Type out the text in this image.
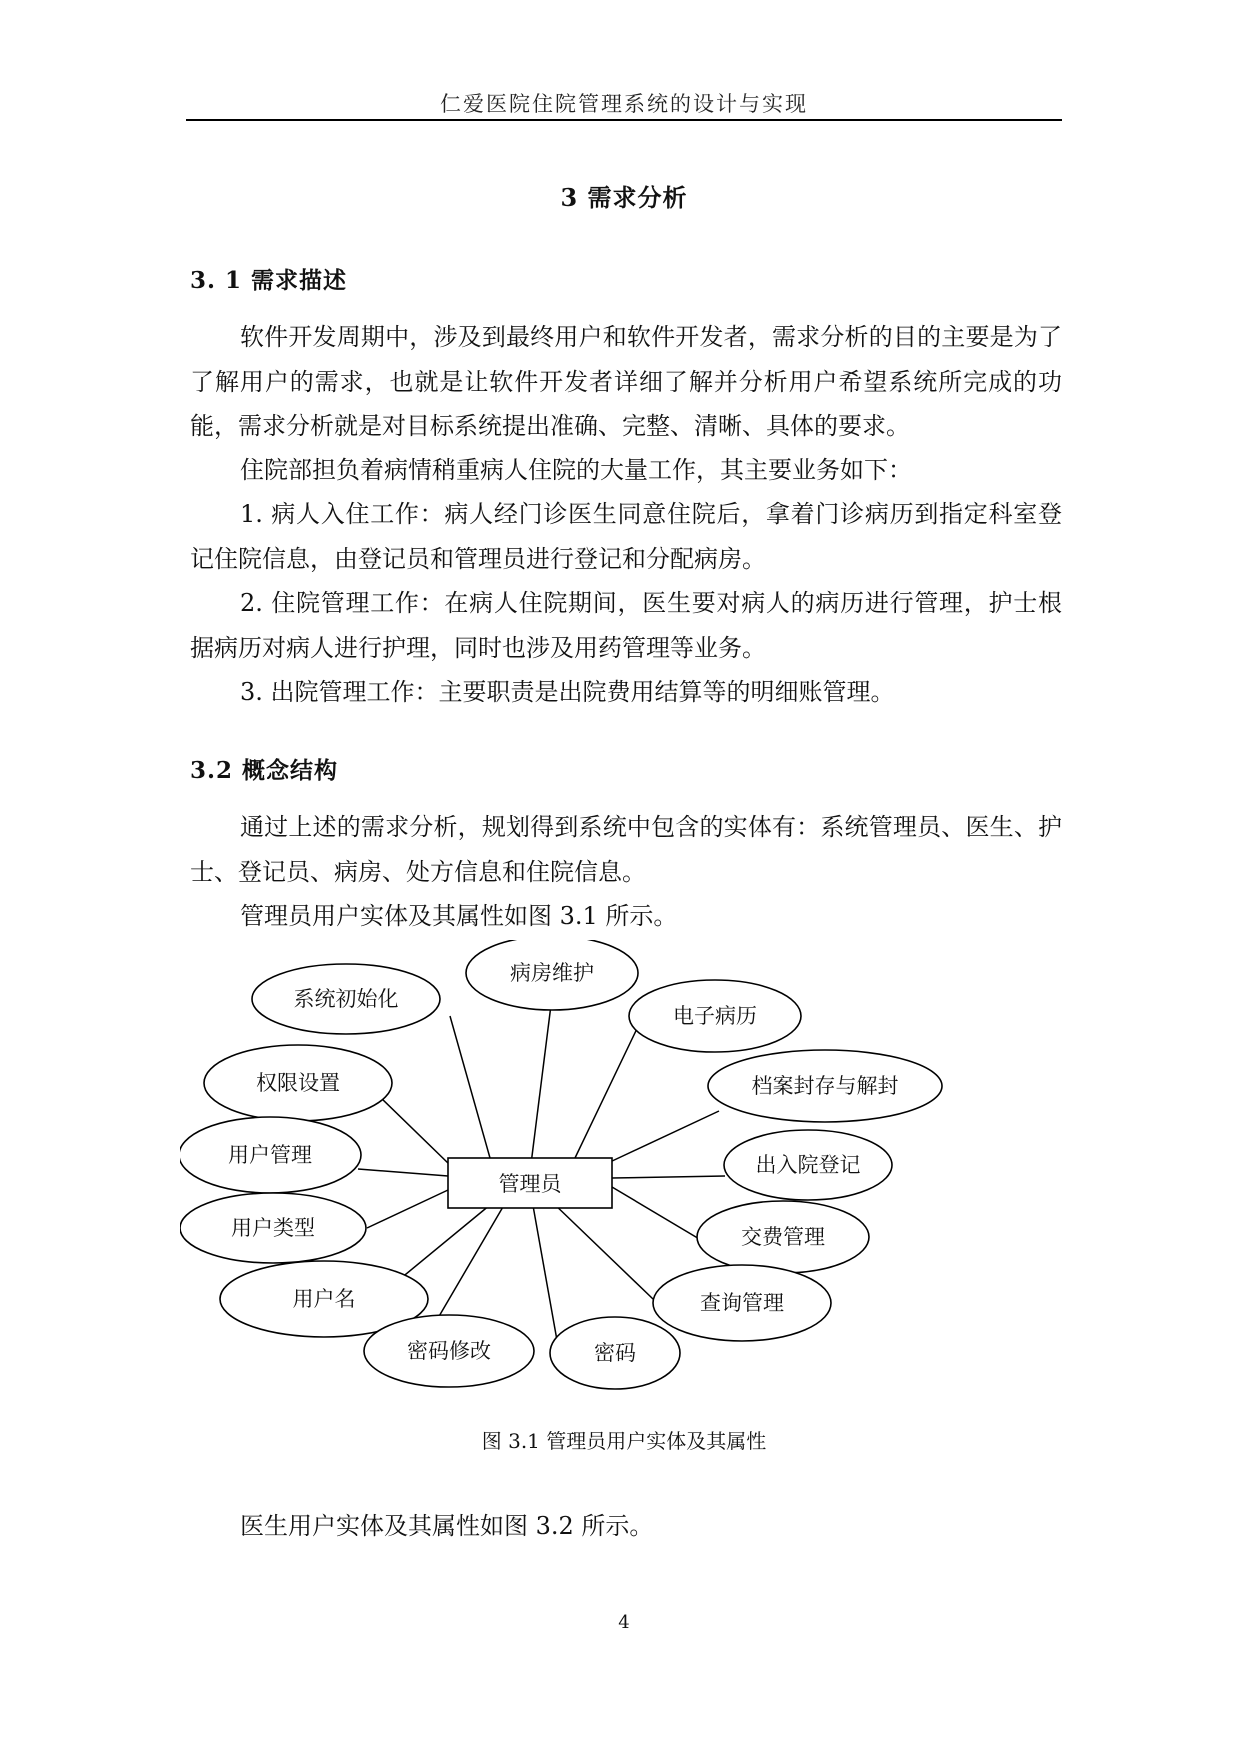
仁爱医院住院管理系统的设计与实现
3 需求分析
3. 1 需求描述
软件开发周期中，涉及到最终用户和软件开发者，需求分析的目的主要是为了了解用户的需求，也就是让软件开发者详细了解并分析用户希望系统所完成的功能，需求分析就是对目标系统提出准确、完整、清晰、具体的要求。
住院部担负着病情稍重病人住院的大量工作，其主要业务如下：
1. 病人入住工作：病人经门诊医生同意住院后，拿着门诊病历到指定科室登记住院信息，由登记员和管理员进行登记和分配病房。
2. 住院管理工作：在病人住院期间，医生要对病人的病历进行管理，护士根据病历对病人进行护理，同时也涉及用药管理等业务。
3. 出院管理工作：主要职责是出院费用结算等的明细账管理。
3.2 概念结构
通过上述的需求分析，规划得到系统中包含的实体有：系统管理员、医生、护士、登记员、病房、处方信息和住院信息。
管理员用户实体及其属性如图 3.1 所示。
管理员
病房维护
系统初始化
电子病历
权限设置	档案封存与解封
用户管理	出入院登记
用户类型	交费管理
用户名	查询管理
密码修改	密码
图 3.1 管理员用户实体及其属性
医生用户实体及其属性如图 3.2 所示。
4
